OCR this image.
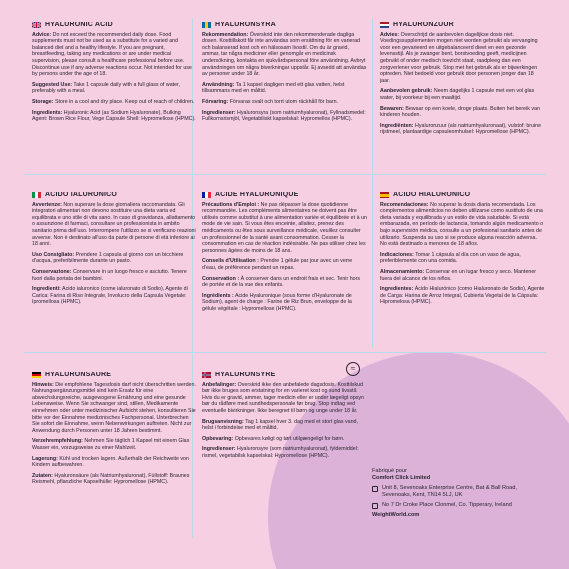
HYALURONIC ACID
Advice: Do not exceed the recommended daily dose. Food supplements must not be used as a substitute for a varied and balanced diet and a healthy lifestyle. If you are pregnant, breastfeeding, taking any medications or are under medical supervision, please consult a healthcare professional before use. Discontinue use if any adverse reactions occur. Not intended for use by persons under the age of 18.
Suggested Use: Take 1 capsule daily with a full glass of water, preferably with a meal.
Storage: Store in a cool and dry place. Keep out of reach of children.
Ingredients: Hyaluronic Acid (as Sodium Hyaluronate), Bulking Agent: Brown Rice Flour, Vege Capsule Shell: Hypromellose (HPMC).
HYALURONSYRA
Rekommendation: Överskrid inte den rekommenderade dagliga dosen. Kosttillskott får inte användas som ersättning för en varierad och balanserad kost och en hälsosam livsstil. Om du är gravid, ammar, tar några mediciner eller genomgår en medicinsk undersökning, kontakta en sjukvårdspersonal före användning. Avbryt användningen om några biverkningar uppstår. Ej avsedd att användas av personer under 18 år.
Användning: Ta 1 kapsel dagligen med ett glas vatten, helst tillsammans med en måltid.
Förvaring: Förvaras svalt och torrt utom räckhåll för barn.
Ingredienser: Hyaluronsyra (som natriumhyaluronat), Fyllnadsmedel: Fullkornsrismjöl, Vegetabiliskt kapselskal: Hypromellos (HPMC).
HYALURONZUUR
Advies: Overschrijd de aanbevolen dagelijkse dosis niet. Voedingssupplementen mogen niet worden gebruikt als vervanging voor een gevarieerd en uitgebalanceerd dieet en een gezonde levensstijl. Als je zwanger bent, borstvoeding geeft, medicijnen gebruikt of onder medisch toezicht staat, raadpleeg dan een zorgverlener voor gebruik. Stop met het gebruik als er bijwerkingen optreden. Niet bedoeld voor gebruik door personen jonger dan 18 jaar.
Aanbevolen gebruik: Neem dagelijks 1 capsule met een vol glas water, bij voorkeur bij een maaltijd.
Bewaren: Bewaar op een koele, droge plaats. Buiten het bereik van kinderen houden.
Ingrediënten: Hyaluronzuur (als natriumhyaluronaat), vulstof: bruine rijstmeel, plantaardige capsuleomhulsel: Hypromellose (HPMC).
ACIDO IALURONICO
Avvertenze: Non superare la dose giornaliera raccomandata. Gli integratori alimentari non devono sostituire una dieta varia ed equilibrata e uno stile di vita sano. In caso di gravidanza, allattamento o assunzione di farmaci, consultare un professionista in ambito sanitario prima dell'uso. Interrompere l'utilizzo se si verificano reazioni avverse. Non è destinato all'uso da parte di persone di età inferiore ai 18 anni.
Uso Consigliato: Prendere 1 capsula al giorno con un bicchiere d'acqua, preferibilmente durante un pasto.
Conservazione: Conservare in un luogo fresco e asciutto. Tenere fuori dalla portata dei bambini.
Ingredienti: Acido ialuronico (come ialuronato di Sodio), Agente di Carica: Farina di Riso Integrale, Involucro della Capsula Vegetale: Ipromellosa (HPMC).
ACIDE HYALURONIQUE
Précautions d'Emploi : Ne pas dépasser la dose quotidienne recommandée. Les compléments alimentaires ne doivent pas être utilisés comme substitut à une alimentation variée et équilibrée et à un mode de vie sain. Si vous êtes enceinte, allaitez, prenez des médicaments ou êtes sous surveillance médicale, veuillez consulter un professionnel de la santé avant consommation. Cesser la consommation en cas de réaction indésirable. Ne pas utiliser chez les personnes âgées de moins de 18 ans.
Conseils d'Utilisation : Prendre 1 gélule par jour avec un verre d'eau, de préférence pendant un repas.
Conservation : À conserver dans un endroit frais et sec. Tenir hors de portée et de la vue des enfants.
Ingrédients : Acide Hyaluronique (sous forme d'Hyaluronate de Sodium), agent de charge : Farine de Riz Brun, enveloppe de la gélule végétale : Hypromellose (HPMC).
ÁCIDO HIALURÓNICO
Recomendaciones: No superar la dosis diaria recomendada. Los complementos alimenticios no deben utilizarse como sustituto de una dieta variada y equilibrada y un estilo de vida saludable. Si está embarazada, en período de lactancia, tomando algún medicamento o bajo supervisión médica, consulte a un profesional sanitario antes de utilizarlo. Suspenda su uso si se produce alguna reacción adversa. No está destinado a menores de 18 años.
Indicaciones: Tomar 1 cápsula al día con un vaso de agua, preferiblemente con una comida.
Almacenamiento: Conservar en un lugar fresco y seco. Mantener fuera del alcance de los niños.
Ingredientes: Ácido Hialurónico (como Hialuronato de Sodio), Agente de Carga: Harina de Arroz Integral, Cubierta Vegetal de la Cápsula: Hipromelosa (HPMC).
HYALURONSÄURE
Hinweis: Die empfohlene Tagesdosis darf nicht überschritten werden. Nahrungsergänzungsmittel sind kein Ersatz für eine abwechslungsreiche, ausgewogene Ernährung und eine gesunde Lebensweise. Wenn Sie schwanger sind, stillen, Medikamente einnehmen oder unter medizinischer Aufsicht stehen, konsultieren Sie bitte vor der Einnahme medizinisches Fachpersonal. Unterbrechen Sie sofort die Einnahme, wenn Nebenwirkungen auftreten. Nicht zur Anwendung durch Personen unter 18 Jahren bestimmt.
Verzehrempfehlung: Nehmen Sie täglich 1 Kapsel mit einem Glas Wasser ein, vorzugsweise zu einer Mahlzeit.
Lagerung: Kühl und trocken lagern. Außerhalb der Reichweite von Kindern aufbewahren.
Zutaten: Hyaluronsäure (als Natriumhyaluronat), Füllstoff: Braunes Reismehl, pflanzliche Kapselhülle: Hypromellose (HPMC).
HYALURONSYRE
Anbefalinger: Overskrid ikke den anbefalede dagsdosis. Kosttilskud bør ikke bruges som erstatning for en varieret kost og sund livsstil. Hvis du er gravid, ammer, tager medicin eller er under lægeligt opsyn bør du rådføre med sundhedspersonale før brug. Stop indtag ved eventuelle bivirkninger. Ikke beregnet til børn og unge under 18 år.
Brugsanvisning: Tag 1 kapsel hver 3. dag med et stort glas vand, helst i forbindelse med et måltid.
Opbevaring: Opbevares køligt og tørt utilgængeligt for børn.
Ingredienser: Hyaluronsyre (som natriumhyaluronat), fyldemiddel: rismel, vegetabilsk kapselskal: Hypromellose (HPMC).
≈
Fabriqué pour
Comfort Click Limited
Unit 8, Sevenoaks Enterprise Centre, Bat & Ball Road, Sevenoaks, Kent, TN14 5LJ, UK
No 7 Dr Croke Place Clonmel, Co. Tipperary, Ireland
WeightWorld.com
